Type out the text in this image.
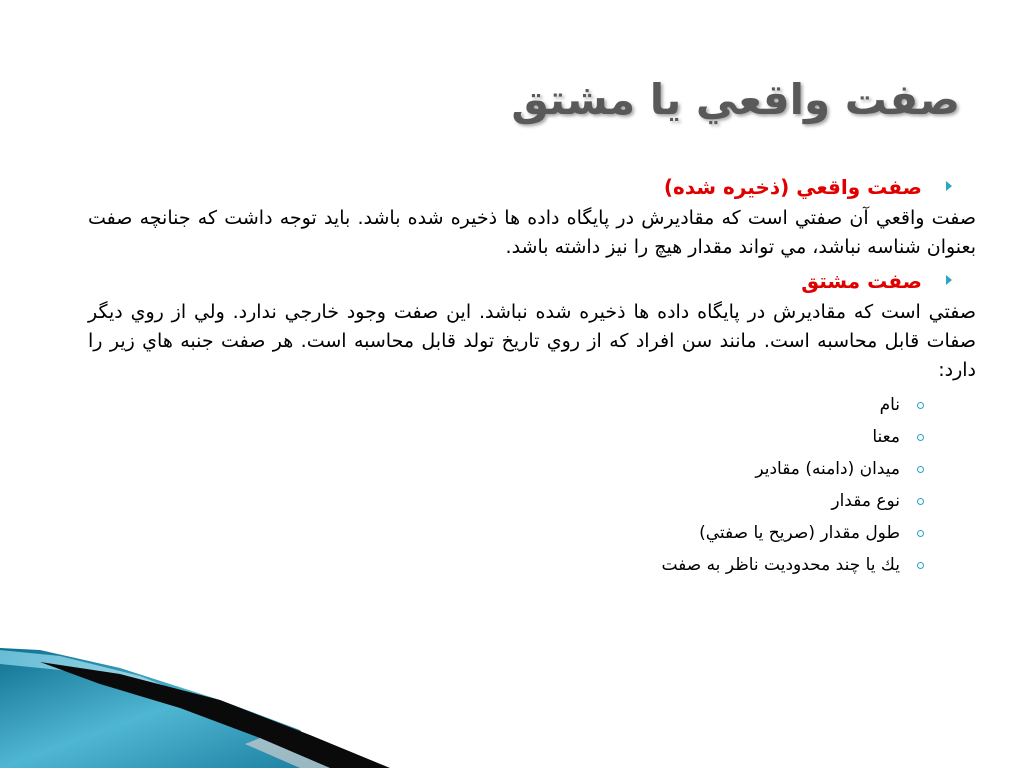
صفت واقعي يا مشتق
صفت واقعي (ذخيره شده)

صفت واقعي آن صفتي است كه مقاديرش در پايگاه داده ها ذخيره شده باشد. بايد توجه داشت كه جنانچه صفت بعنوان شناسه نباشد، مي تواند مقدار هيچ را نيز داشته باشد.

صفت مشتق

صفتي است كه مقاديرش در پايگاه داده ها ذخيره شده نباشد. اين صفت وجود خارجي ندارد. ولي از روي ديگر صفات قابل محاسبه است. مانند سن افراد كه از روي تاريخ تولد قابل محاسبه است. هر صفت جنبه هاي زير را دارد:

نام
معنا
ميدان (دامنه) مقادير
نوع مقدار
طول مقدار (صريح يا صفتي)
يك يا چند محدوديت ناظر به صفت
